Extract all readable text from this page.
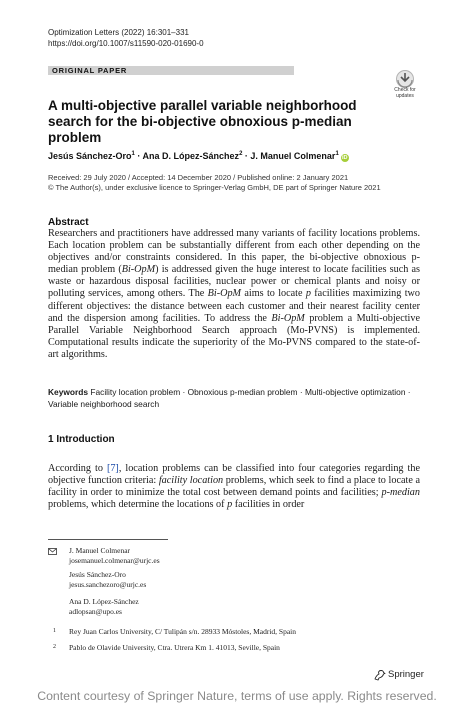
Optimization Letters (2022) 16:301–331
https://doi.org/10.1007/s11590-020-01690-0
ORIGINAL PAPER
Check for
updates
A multi-objective parallel variable neighborhood search for the bi-objective obnoxious p-median problem
Jesús Sánchez-Oro$^1$ · Ana D. López-Sánchez$^2$ · J. Manuel Colmenar$^1$iD
Received: 29 July 2020 / Accepted: 14 December 2020 / Published online: 2 January 2021
© The Author(s), under exclusive licence to Springer-Verlag GmbH, DE part of Springer Nature 2021
Abstract
Researchers and practitioners have addressed many variants of facility locations problems. Each location problem can be substantially different from each other depending on the objectives and/or constraints considered. In this paper, the bi-objective obnoxious p-median problem (Bi-OpM) is addressed given the huge interest to locate facilities such as waste or hazardous disposal facilities, nuclear power or chemical plants and noisy or polluting services, among others. The Bi-OpM aims to locate p facilities maximizing two different objectives: the distance between each customer and their nearest facility center and the dispersion among facilities. To address the Bi-OpM problem a Multi-objective Parallel Variable Neighborhood Search approach (Mo-PVNS) is implemented. Computational results indicate the superiority of the Mo-PVNS compared to the state-of-art algorithms.
Keywords Facility location problem · Obnoxious p-median problem · Multi-objective optimization · Variable neighborhood search
1 Introduction
According to [7], location problems can be classified into four categories regarding the objective function criteria: facility location problems, which seek to find a place to locate a facility in order to minimize the total cost between demand points and facilities; p-median problems, which determine the locations of p facilities in order
J. Manuel Colmenar
josemanuel.colmenar@urjc.es
Jesús Sánchez-Oro
jesus.sanchezoro@urjc.es
Ana D. López-Sánchez
adlopsan@upo.es
1 Rey Juan Carlos University, C/ Tulipán s/n. 28933 Móstoles, Madrid, Spain
2 Pablo de Olavide University, Ctra. Utrera Km 1. 41013, Seville, Spain
Springer
Content courtesy of Springer Nature, terms of use apply. Rights reserved.
